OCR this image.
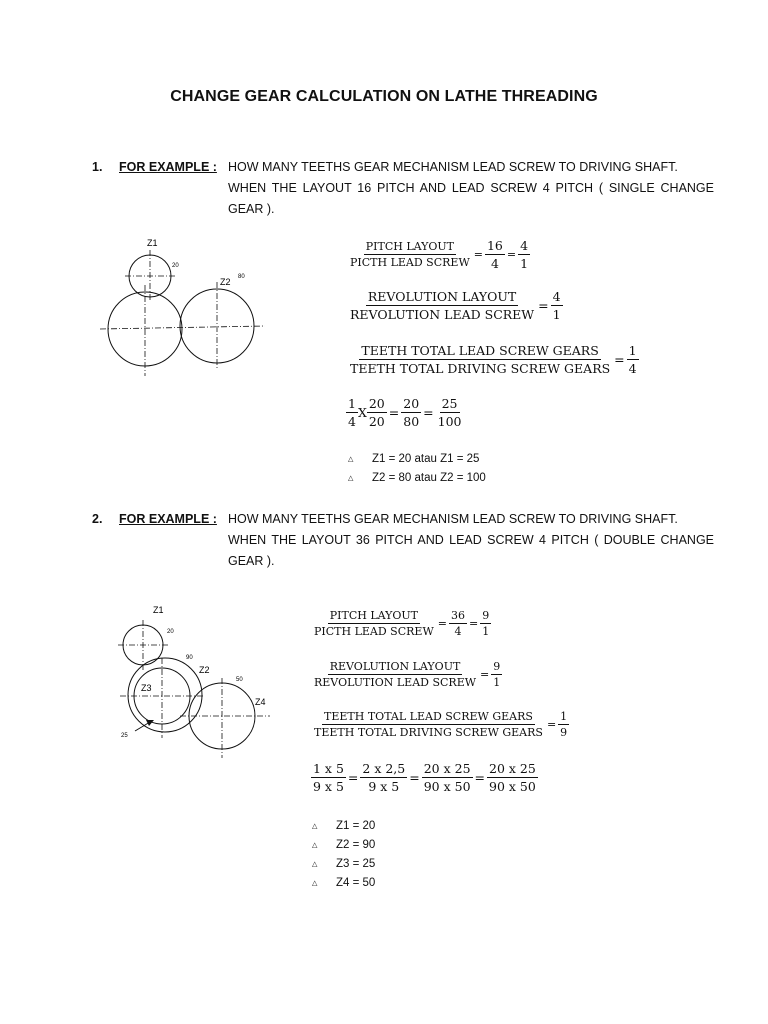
CHANGE GEAR CALCULATION ON LATHE THREADING
1. FOR EXAMPLE : HOW MANY TEETHS GEAR MECHANISM LEAD SCREW TO DRIVING SHAFT.
WHEN THE LAYOUT 16 PITCH AND LEAD SCREW 4 PITCH ( SINGLE CHANGE
GEAR ).
Z1
20
Z2 80
$\frac{\text{PITCH LAYOUT}}{\text{PICTH LEAD SCREW}} = \frac{16}{4} = \frac{4}{1}$
$\frac{\text{REVOLUTION LAYOUT}}{\text{REVOLUTION LEAD SCREW}} = \frac{4}{1}$
$\frac{\text{TEETH TOTAL LEAD SCREW GEARS}}{\text{TEETH TOTAL DRIVING SCREW GEARS}} = \frac{1}{4}$
$\frac{1}{4}$ X $\frac{20}{20} = \frac{20}{80} = \frac{25}{100}$
△	Z1 = 20 atau Z1 = 25
△	Z2 = 80 atau Z2 = 100
2. FOR EXAMPLE : HOW MANY TEETHS GEAR MECHANISM LEAD SCREW TO DRIVING SHAFT.
WHEN THE LAYOUT 36 PITCH AND LEAD SCREW 4 PITCH ( DOUBLE CHANGE
GEAR ).
Z1
20
90
Z2
Z3
50
Z4
25
$\frac{\text{PITCH LAYOUT}}{\text{PICTH LEAD SCREW}} = \frac{36}{4} = \frac{9}{1}$
$\frac{\text{REVOLUTION LAYOUT}}{\text{REVOLUTION LEAD SCREW}} = \frac{9}{1}$
$\frac{\text{TEETH TOTAL LEAD SCREW GEARS}}{\text{TEETH TOTAL DRIVING SCREW GEARS}} = \frac{1}{9}$
$\frac{1 x 5}{9 x 5} = \frac{2 x 2,5}{9 x 5} = \frac{20 x 25}{90 x 50} = \frac{20 x 25}{90 x 50}$
△	Z1 = 20
△	Z2 = 90
△	Z3 = 25
△	Z4 = 50
